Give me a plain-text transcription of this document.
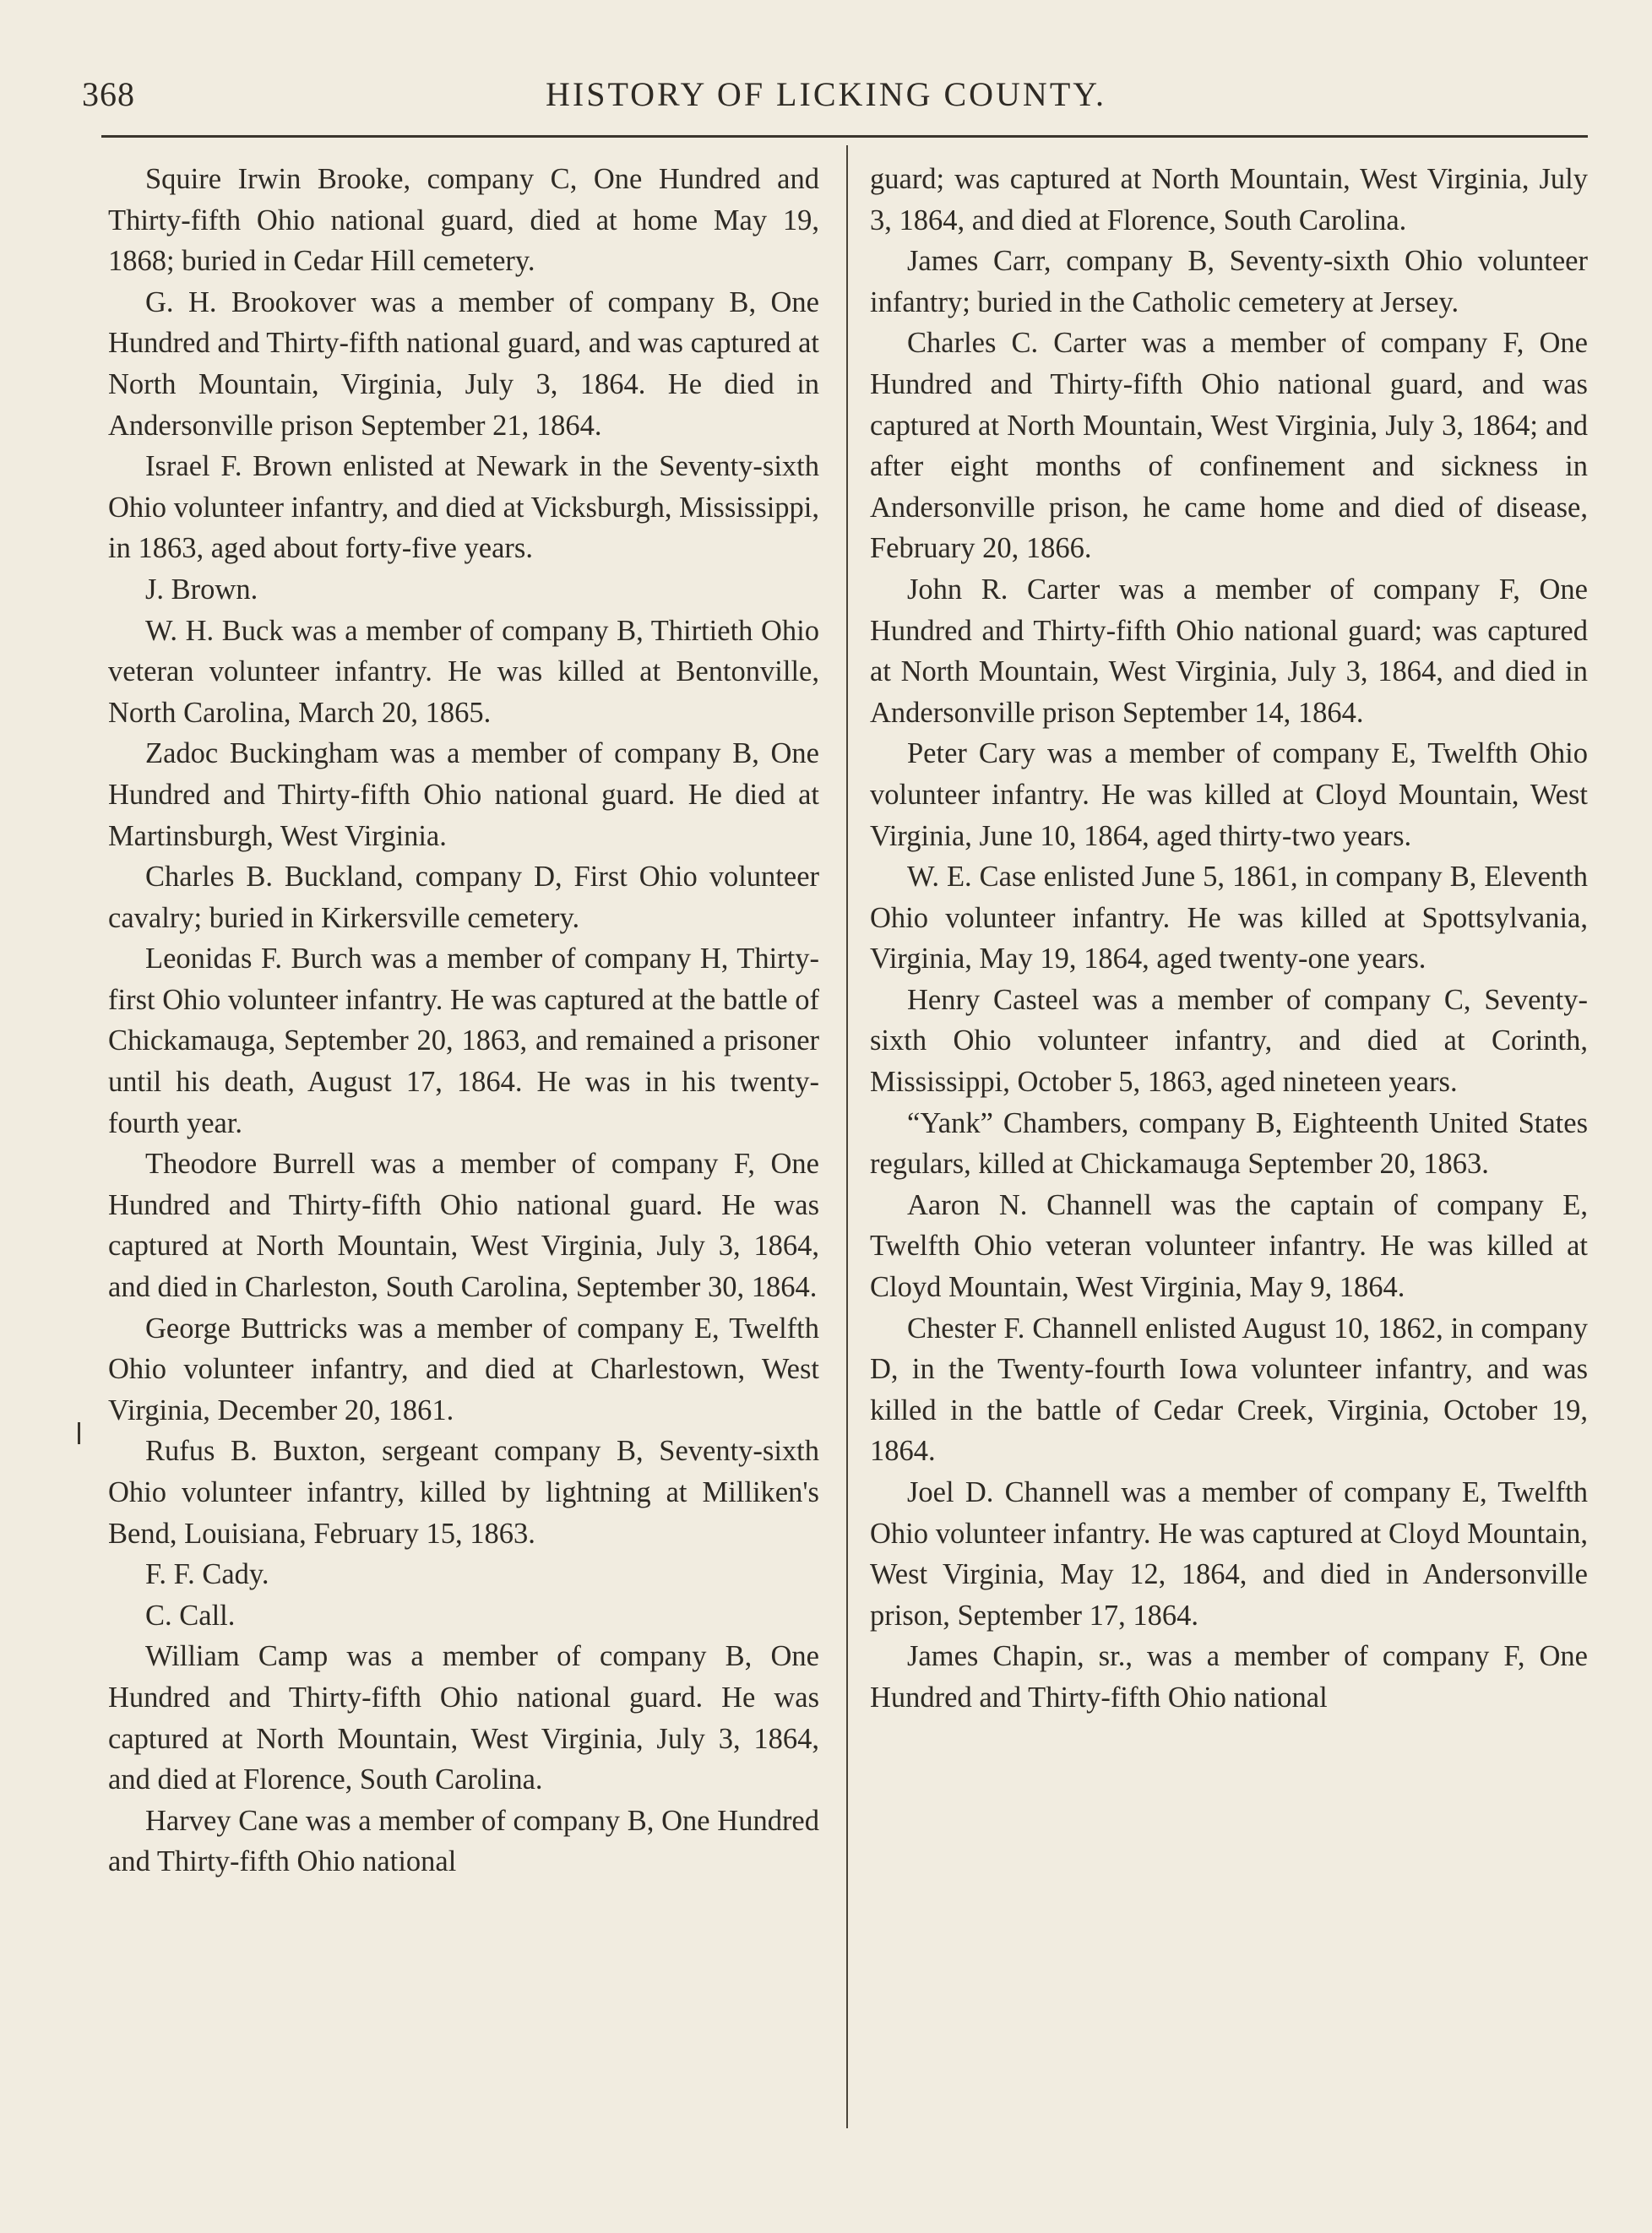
368	HISTORY OF LICKING COUNTY.

Squire Irwin Brooke, company C, One Hundred and Thirty-fifth Ohio national guard, died at home May 19, 1868; buried in Cedar Hill cemetery.

G. H. Brookover was a member of company B, One Hundred and Thirty-fifth national guard, and was captured at North Mountain, Virginia, July 3, 1864. He died in Andersonville prison September 21, 1864.

Israel F. Brown enlisted at Newark in the Seventy-sixth Ohio volunteer infantry, and died at Vicksburgh, Mississippi, in 1863, aged about forty-five years.

J. Brown.

W. H. Buck was a member of company B, Thirtieth Ohio veteran volunteer infantry. He was killed at Bentonville, North Carolina, March 20, 1865.

Zadoc Buckingham was a member of company B, One Hundred and Thirty-fifth Ohio national guard. He died at Martinsburgh, West Virginia.

Charles B. Buckland, company D, First Ohio volunteer cavalry; buried in Kirkersville cemetery.

Leonidas F. Burch was a member of company H, Thirty-first Ohio volunteer infantry. He was captured at the battle of Chickamauga, September 20, 1863, and remained a prisoner until his death, August 17, 1864. He was in his twenty-fourth year.

Theodore Burrell was a member of company F, One Hundred and Thirty-fifth Ohio national guard. He was captured at North Mountain, West Virginia, July 3, 1864, and died in Charleston, South Carolina, September 30, 1864.

George Buttricks was a member of company E, Twelfth Ohio volunteer infantry, and died at Charlestown, West Virginia, December 20, 1861.

Rufus B. Buxton, sergeant company B, Seventy-sixth Ohio volunteer infantry, killed by lightning at Milliken's Bend, Louisiana, February 15, 1863.

F. F. Cady.

C. Call.

William Camp was a member of company B, One Hundred and Thirty-fifth Ohio national guard. He was captured at North Mountain, West Virginia, July 3, 1864, and died at Florence, South Carolina.

Harvey Cane was a member of company B, One Hundred and Thirty-fifth Ohio national

guard; was captured at North Mountain, West Virginia, July 3, 1864, and died at Florence, South Carolina.

James Carr, company B, Seventy-sixth Ohio volunteer infantry; buried in the Catholic cemetery at Jersey.

Charles C. Carter was a member of company F, One Hundred and Thirty-fifth Ohio national guard, and was captured at North Mountain, West Virginia, July 3, 1864; and after eight months of confinement and sickness in Andersonville prison, he came home and died of disease, February 20, 1866.

John R. Carter was a member of company F, One Hundred and Thirty-fifth Ohio national guard; was captured at North Mountain, West Virginia, July 3, 1864, and died in Andersonville prison September 14, 1864.

Peter Cary was a member of company E, Twelfth Ohio volunteer infantry. He was killed at Cloyd Mountain, West Virginia, June 10, 1864, aged thirty-two years.

W. E. Case enlisted June 5, 1861, in company B, Eleventh Ohio volunteer infantry. He was killed at Spottsylvania, Virginia, May 19, 1864, aged twenty-one years.

Henry Casteel was a member of company C, Seventy-sixth Ohio volunteer infantry, and died at Corinth, Mississippi, October 5, 1863, aged nineteen years.

“Yank” Chambers, company B, Eighteenth United States regulars, killed at Chickamauga September 20, 1863.

Aaron N. Channell was the captain of company E, Twelfth Ohio veteran volunteer infantry. He was killed at Cloyd Mountain, West Virginia, May 9, 1864.

Chester F. Channell enlisted August 10, 1862, in company D, in the Twenty-fourth Iowa volunteer infantry, and was killed in the battle of Cedar Creek, Virginia, October 19, 1864.

Joel D. Channell was a member of company E, Twelfth Ohio volunteer infantry. He was captured at Cloyd Mountain, West Virginia, May 12, 1864, and died in Andersonville prison, September 17, 1864.

James Chapin, sr., was a member of company F, One Hundred and Thirty-fifth Ohio national
